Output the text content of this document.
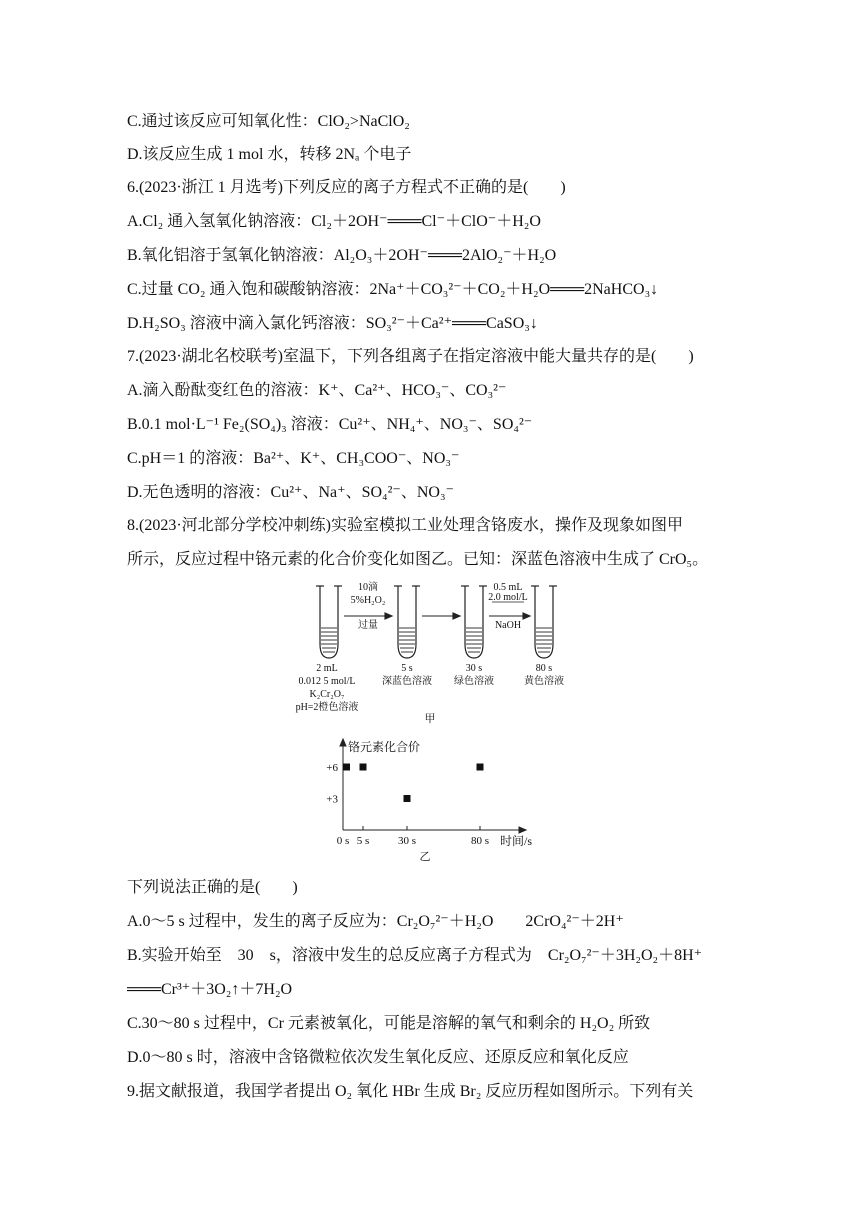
C.通过该反应可知氧化性：ClO₂>NaClO₂
D.该反应生成 1 mol 水，转移 2Nₐ 个电子
6.(2023·浙江 1 月选考)下列反应的离子方程式不正确的是(　　)
A.Cl₂ 通入氢氧化钠溶液：Cl₂＋2OH⁻═══Cl⁻＋ClO⁻＋H₂O
B.氧化铝溶于氢氧化钠溶液：Al₂O₃＋2OH⁻═══2AlO₂⁻＋H₂O
C.过量 CO₂ 通入饱和碳酸钠溶液：2Na⁺＋CO₃²⁻＋CO₂＋H₂O═══2NaHCO₃↓
D.H₂SO₃ 溶液中滴入氯化钙溶液：SO₃²⁻＋Ca²⁺═══CaSO₃↓
7.(2023·湖北名校联考)室温下，下列各组离子在指定溶液中能大量共存的是(　　)
A.滴入酚酞变红色的溶液：K⁺、Ca²⁺、HCO₃⁻、CO₃²⁻
B.0.1 mol·L⁻¹ Fe₂(SO₄)₃ 溶液：Cu²⁺、NH₄⁺、NO₃⁻、SO₄²⁻
C.pH＝1 的溶液：Ba²⁺、K⁺、CH₃COO⁻、NO₃⁻
D.无色透明的溶液：Cu²⁺、Na⁺、SO₄²⁻、NO₃⁻
8.(2023·河北部分学校冲刺练)实验室模拟工业处理含铬废水，操作及现象如图甲
所示，反应过程中铬元素的化合价变化如图乙。已知：深蓝色溶液中生成了 CrO₅。
10滴
5%H₂O₂
过量
0.5 mL
2.0 mol/L
NaOH
2 mL
0.012 5 mol/L
K₂Cr₂O₇
pH=2橙色溶液
5 s
深蓝色溶液
30 s
绿色溶液
80 s
黄色溶液
甲
铬元素化合价
时间/s
乙
0 s 5 s	30 s	80 s
+6
+3
下列说法正确的是(　　)
A.0～5 s 过程中，发生的离子反应为：Cr₂O₇²⁻＋H₂O　　2CrO₄²⁻＋2H⁺
B.实验开始至　30　s，溶液中发生的总反应离子方程式为　Cr₂O₇²⁻＋3H₂O₂＋8H⁺
═══Cr³⁺＋3O₂↑＋7H₂O
C.30～80 s 过程中，Cr 元素被氧化，可能是溶解的氧气和剩余的 H₂O₂ 所致
D.0～80 s 时，溶液中含铬微粒依次发生氧化反应、还原反应和氧化反应
9.据文献报道，我国学者提出 O₂ 氧化 HBr 生成 Br₂ 反应历程如图所示。下列有关
